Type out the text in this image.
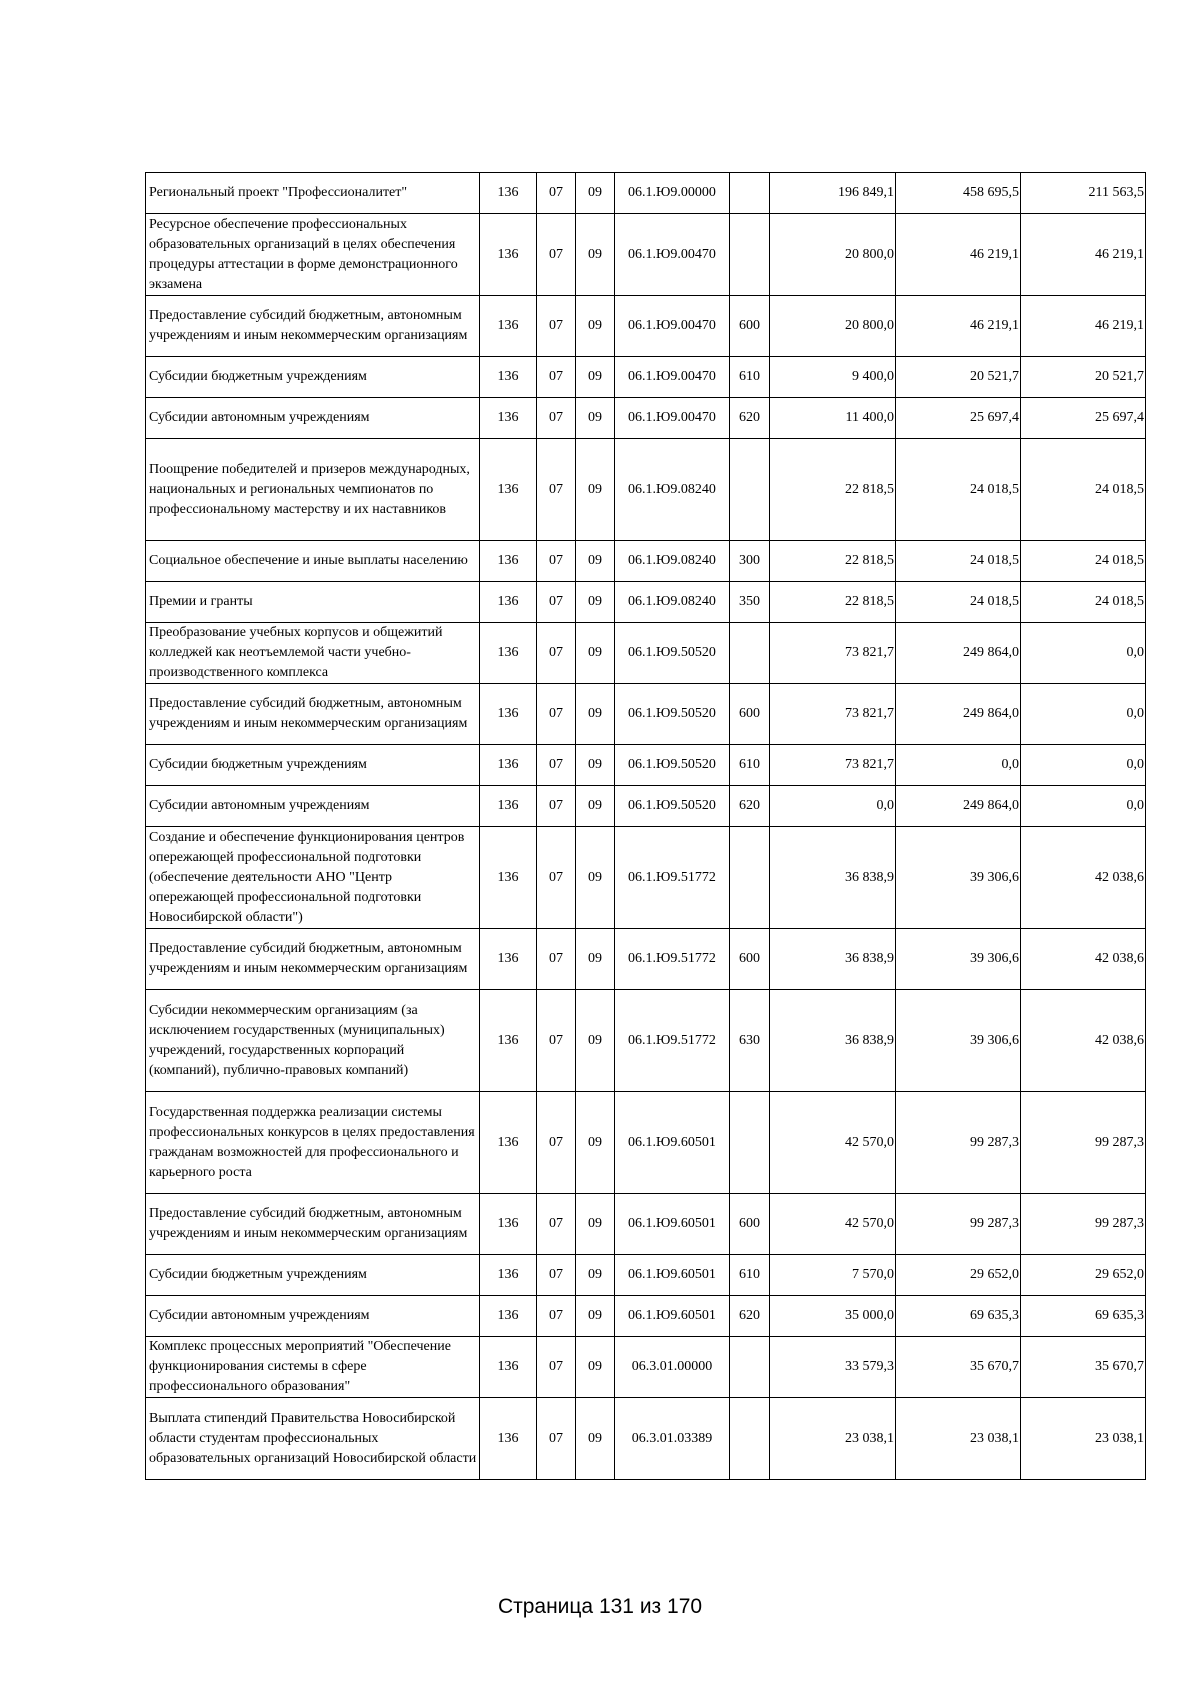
Региональный проект "Профессионалитет"	136	07	09	06.1.Ю9.00000		196 849,1	458 695,5	211 563,5
Ресурсное обеспечение профессиональных образовательных организаций в целях обеспечения процедуры аттестации в форме демонстрационного экзамена	136	07	09	06.1.Ю9.00470		20 800,0	46 219,1	46 219,1
Предоставление субсидий бюджетным, автономным учреждениям и иным некоммерческим организациям	136	07	09	06.1.Ю9.00470	600	20 800,0	46 219,1	46 219,1
Субсидии бюджетным учреждениям	136	07	09	06.1.Ю9.00470	610	9 400,0	20 521,7	20 521,7
Субсидии автономным учреждениям	136	07	09	06.1.Ю9.00470	620	11 400,0	25 697,4	25 697,4
Поощрение победителей и призеров международных, национальных и региональных чемпионатов по профессиональному мастерству и их наставников	136	07	09	06.1.Ю9.08240		22 818,5	24 018,5	24 018,5
Социальное обеспечение и иные выплаты населению	136	07	09	06.1.Ю9.08240	300	22 818,5	24 018,5	24 018,5
Премии и гранты	136	07	09	06.1.Ю9.08240	350	22 818,5	24 018,5	24 018,5
Преобразование учебных корпусов и общежитий колледжей как неотъемлемой части учебно-производственного комплекса	136	07	09	06.1.Ю9.50520		73 821,7	249 864,0	0,0
Предоставление субсидий бюджетным, автономным учреждениям и иным некоммерческим организациям	136	07	09	06.1.Ю9.50520	600	73 821,7	249 864,0	0,0
Субсидии бюджетным учреждениям	136	07	09	06.1.Ю9.50520	610	73 821,7	0,0	0,0
Субсидии автономным учреждениям	136	07	09	06.1.Ю9.50520	620	0,0	249 864,0	0,0
Создание и обеспечение функционирования центров опережающей профессиональной подготовки (обеспечение деятельности АНО "Центр опережающей профессиональной подготовки Новосибирской области")	136	07	09	06.1.Ю9.51772		36 838,9	39 306,6	42 038,6
Предоставление субсидий бюджетным, автономным учреждениям и иным некоммерческим организациям	136	07	09	06.1.Ю9.51772	600	36 838,9	39 306,6	42 038,6
Субсидии некоммерческим организациям (за исключением государственных (муниципальных) учреждений, государственных корпораций (компаний), публично-правовых компаний)	136	07	09	06.1.Ю9.51772	630	36 838,9	39 306,6	42 038,6
Государственная поддержка реализации системы профессиональных конкурсов в целях предоставления гражданам возможностей для профессионального и карьерного роста	136	07	09	06.1.Ю9.60501		42 570,0	99 287,3	99 287,3
Предоставление субсидий бюджетным, автономным учреждениям и иным некоммерческим организациям	136	07	09	06.1.Ю9.60501	600	42 570,0	99 287,3	99 287,3
Субсидии бюджетным учреждениям	136	07	09	06.1.Ю9.60501	610	7 570,0	29 652,0	29 652,0
Субсидии автономным учреждениям	136	07	09	06.1.Ю9.60501	620	35 000,0	69 635,3	69 635,3
Комплекс процессных мероприятий "Обеспечение функционирования системы в сфере профессионального образования"	136	07	09	06.3.01.00000		33 579,3	35 670,7	35 670,7
Выплата стипендий Правительства Новосибирской области студентам профессиональных образовательных организаций Новосибирской области	136	07	09	06.3.01.03389		23 038,1	23 038,1	23 038,1
Страница 131 из 170
